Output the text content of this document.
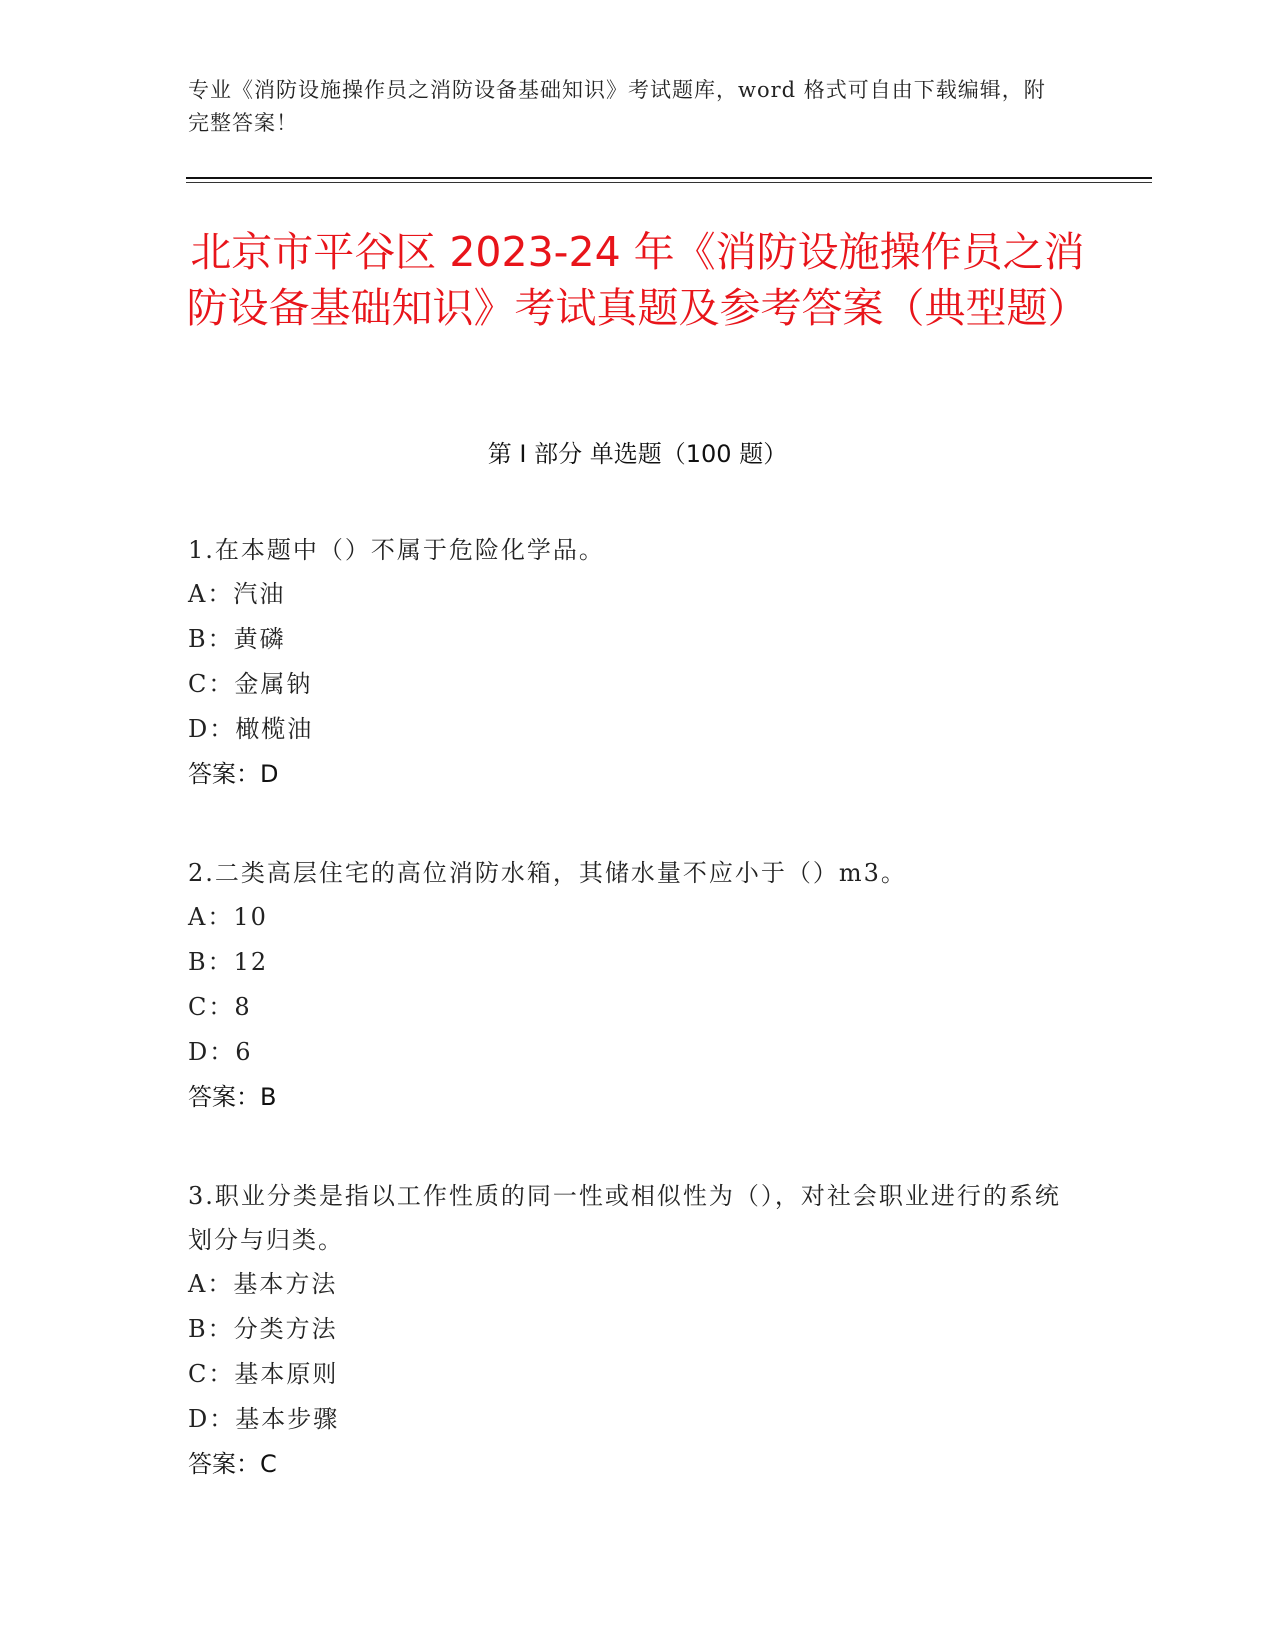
专业《消防设施操作员之消防设备基础知识》考试题库，word 格式可自由下载编辑，附完整答案！
北京市平谷区 2023-24 年《消防设施操作员之消防设备基础知识》考试真题及参考答案（典型题）
第 I 部分 单选题（100 题）
1.在本题中（）不属于危险化学品。
A：汽油
B：黄磷
C：金属钠
D：橄榄油
答案：D
2.二类高层住宅的高位消防水箱，其储水量不应小于（）m3。
A：10
B：12
C：8
D：6
答案：B
3.职业分类是指以工作性质的同一性或相似性为（），对社会职业进行的系统划分与归类。
A：基本方法
B：分类方法
C：基本原则
D：基本步骤
答案：C
